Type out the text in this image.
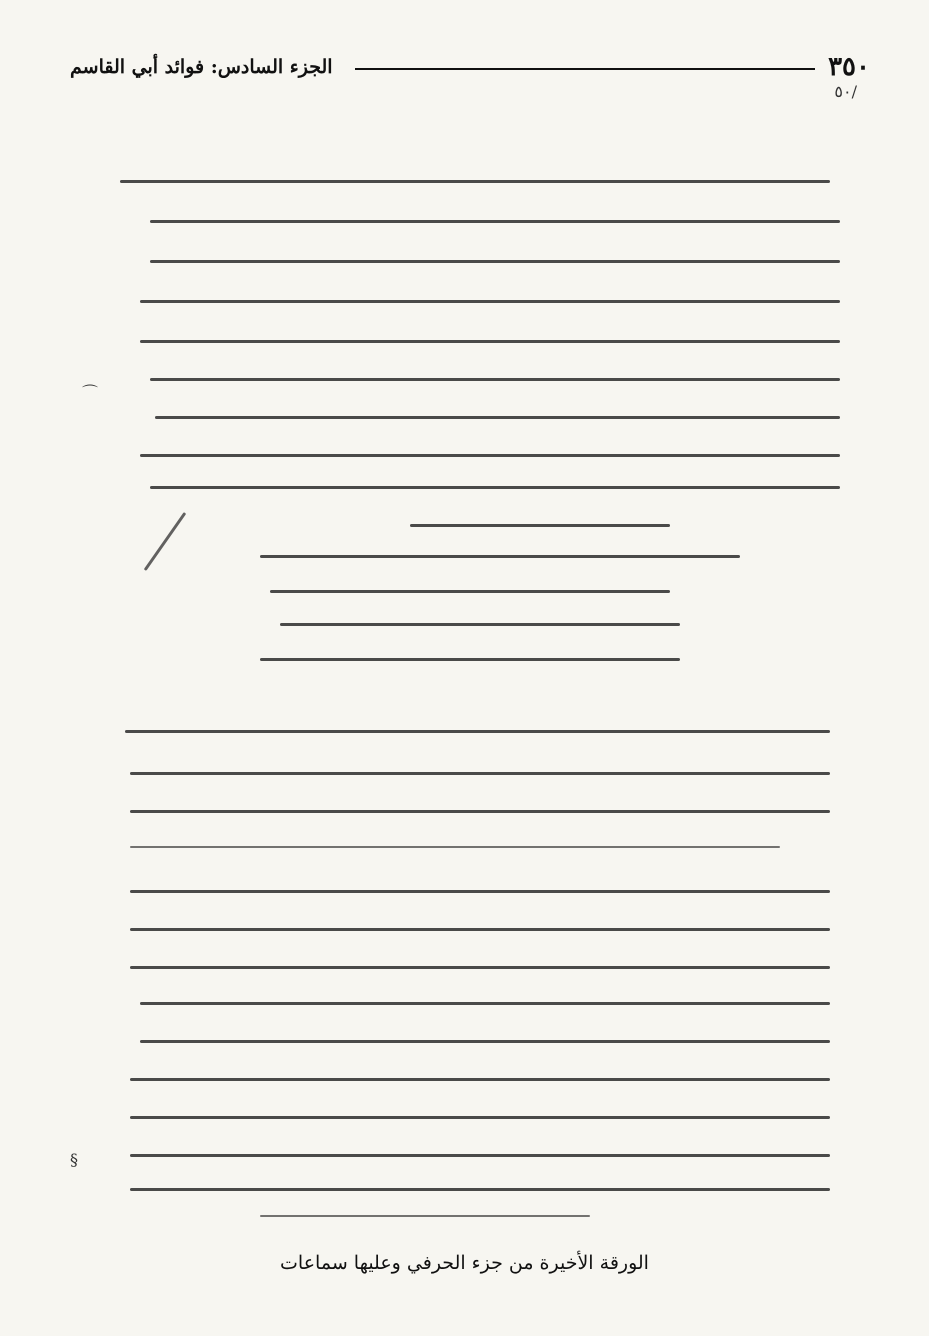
٣٥٠
الجزء السادس: فوائد أبي القاسم
٥٠/
⌒
§
الورقة الأخيرة من جزء الحرفي وعليها سماعات
